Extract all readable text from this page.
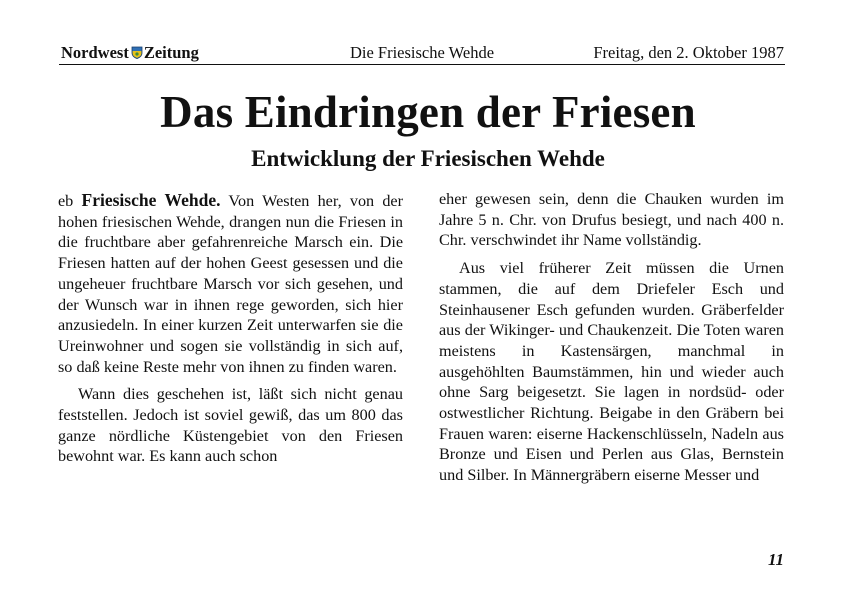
Nordwest Zeitung	Die Friesische Wehde	Freitag, den 2. Oktober 1987
Das Eindringen der Friesen
Entwicklung der Friesischen Wehde

eb Friesische Wehde. Von Westen her, von der hohen friesischen Wehde, drangen nun die Friesen in die fruchtbare aber gefahrenreiche Marsch ein. Die Friesen hatten auf der hohen Geest gesessen und die ungeheuer fruchtbare Marsch vor sich gesehen, und der Wunsch war in ihnen rege geworden, sich hier anzusiedeln. In einer kurzen Zeit unterwarfen sie die Ureinwohner und sogen sie vollständig in sich auf, so daß keine Reste mehr von ihnen zu finden waren.

Wann dies geschehen ist, läßt sich nicht genau feststellen. Jedoch ist soviel gewiß, das um 800 das ganze nördliche Küstengebiet von den Friesen bewohnt war. Es kann auch schon

eher gewesen sein, denn die Chauken wurden im Jahre 5 n. Chr. von Drufus besiegt, und nach 400 n. Chr. verschwindet ihr Name vollständig.

Aus viel früherer Zeit müssen die Urnen stammen, die auf dem Driefeler Esch und Steinhausener Esch gefunden wurden. Gräberfelder aus der Wikinger- und Chaukenzeit. Die Toten waren meistens in Kastensärgen, manchmal in ausgehöhlten Baumstämmen, hin und wieder auch ohne Sarg beigesetzt. Sie lagen in nordsüd- oder ostwestlicher Richtung. Beigabe in den Gräbern bei Frauen waren: eiserne Hackenschlüsseln, Nadeln aus Bronze und Eisen und Perlen aus Glas, Bernstein und Silber. In Männergräbern eiserne Messer und

11
